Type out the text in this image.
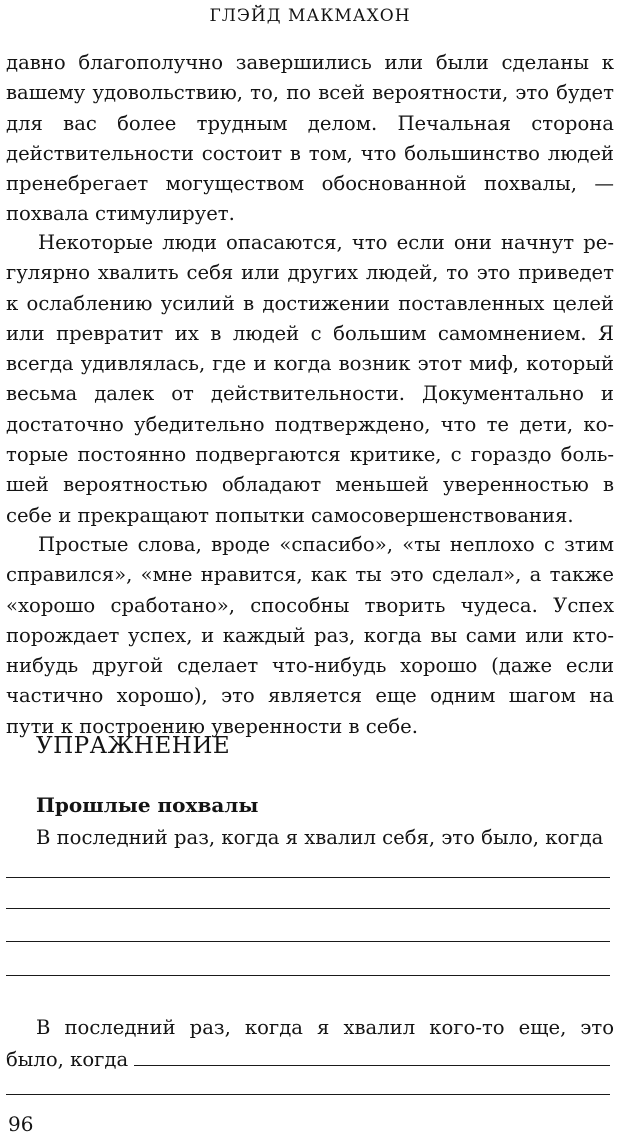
ГЛЭЙД МАКМАХОН

давно благополучно завершились или были сделаны к вашему удовольствию, то, по всей вероятности, это будет для вас более трудным делом. Печальная сторона действительности состоит в том, что большинство людей пренебрегает могуществом обоснованной похвалы, — похвала стимулирует.

Некоторые люди опасаются, что если они начнут регулярно хвалить себя или других людей, то это приведет к ослаблению усилий в достижении поставленных целей или превратит их в людей с большим самомнением. Я всегда удивлялась, где и когда возник этот миф, который весьма далек от действительности. Документально и достаточно убедительно подтверждено, что те дети, которые постоянно подвергаются критике, с гораздо большей вероятностью обладают меньшей уверенностью в себе и прекращают попытки самосовершенствования.

Простые слова, вроде «спасибо», «ты неплохо с зтим справился», «мне нравится, как ты это сделал», а также «хорошо сработано», способны творить чудеса. Успех порождает успех, и каждый раз, когда вы сами или кто-нибудь другой сделает что-нибудь хорошо (даже если частично хорошо), это является еще одним шагом на пути к построению уверенности в себе.

УПРАЖНЕНИЕ
Прошлые похвалы
В последний раз, когда я хвалил себя, это было, когда
В последний раз, когда я хвалил кого-то еще, это было, когда
96
